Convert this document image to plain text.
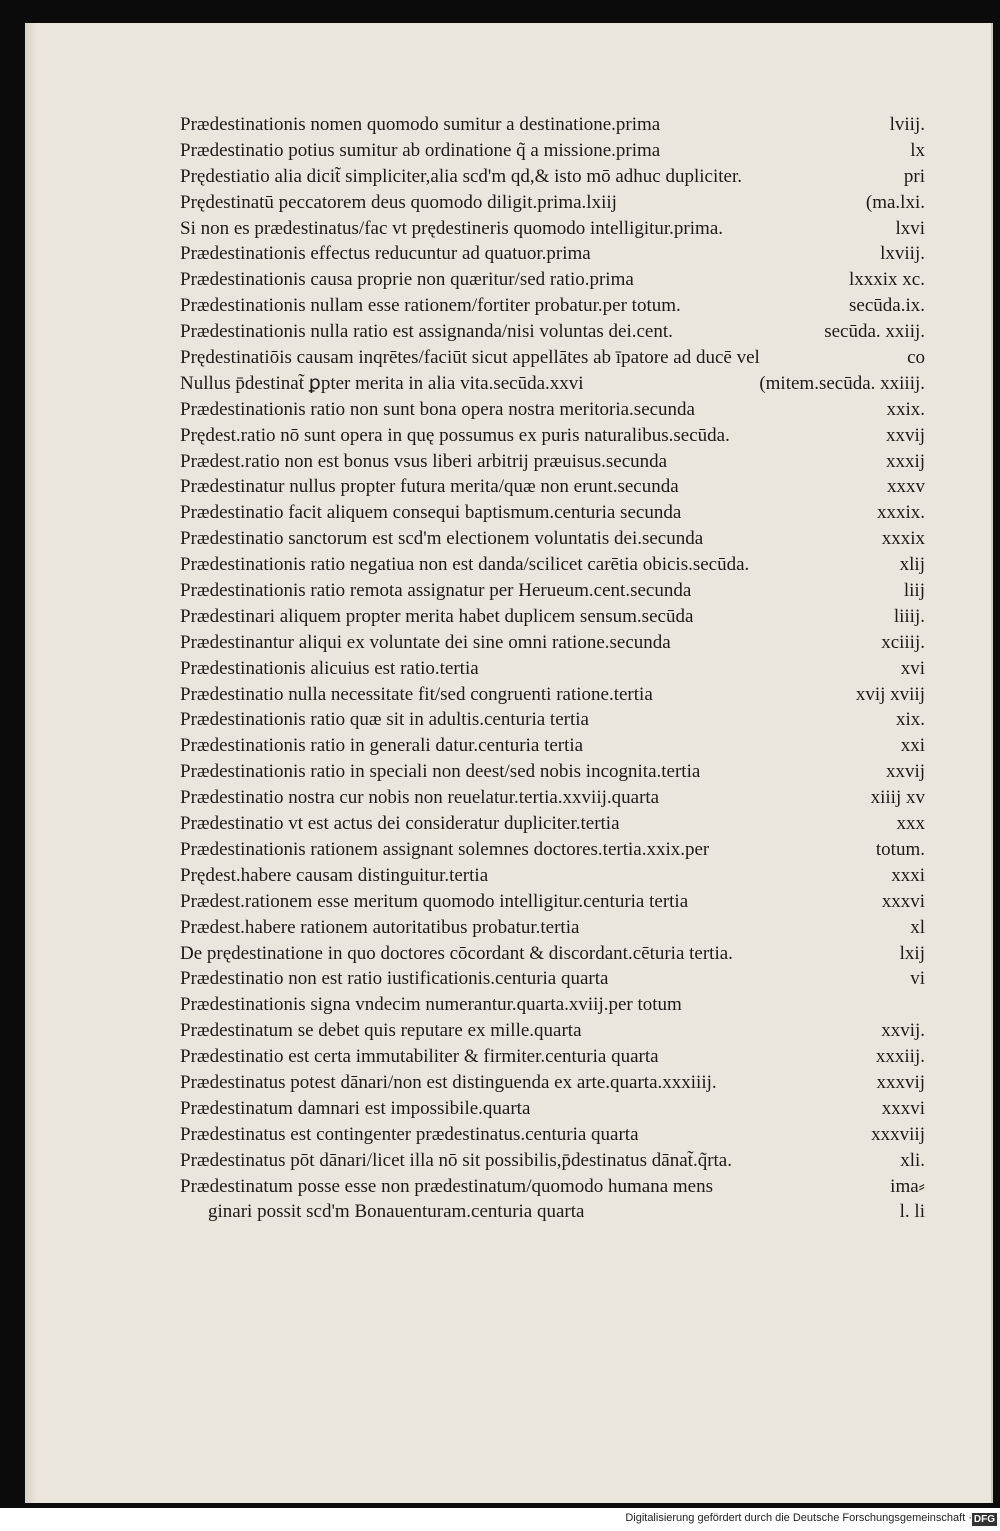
Prædestinationis nomen quomodo sumitur a destinatione.prima	lviij.
Prædestinatio potius sumitur ab ordinatione q̃ a missione.prima	lx
Prędestiatio alia dicit̃ simpliciter,alia scd'm qd,& isto mō adhuc dupliciter.	pri
Prędestinatū peccatorem deus quomodo diligit.prima.lxiij	(ma.lxi.
Si non es prædestinatus/fac vt prędestineris quomodo intelligitur.prima.	lxvi
Prædestinationis effectus reducuntur ad quatuor.prima	lxviij.
Prædestinationis causa proprie non quæritur/sed ratio.prima	lxxxix xc.
Prædestinationis nullam esse rationem/fortiter probatur.per totum.	secūda.ix.
Prædestinationis nulla ratio est assignanda/nisi voluntas dei.cent.	secūda. xxiij.
Prędestinatiōis causam inqrētes/faciūt sicut appellātes ab īpatore ad ducē vel	co
Nullus p̄destinat̃ ꝑpter merita in alia vita.secūda.xxvi	(mitem.secūda. xxiiij.
Prædestinationis ratio non sunt bona opera nostra meritoria.secunda	xxix.
Prędest.ratio nō sunt opera in quę possumus ex puris naturalibus.secūda.	xxvij
Prædest.ratio non est bonus vsus liberi arbitrij præuisus.secunda	xxxij
Prædestinatur nullus propter futura merita/quæ non erunt.secunda	xxxv
Prædestinatio facit aliquem consequi baptismum.centuria secunda	xxxix.
Prædestinatio sanctorum est scd'm electionem voluntatis dei.secunda	xxxix
Prædestinationis ratio negatiua non est danda/scilicet carētia obicis.secūda.	xlij
Prædestinationis ratio remota assignatur per Herueum.cent.secunda	liij
Prædestinari aliquem propter merita habet duplicem sensum.secūda	liiij.
Prædestinantur aliqui ex voluntate dei sine omni ratione.secunda	xciiij.
Prædestinationis alicuius est ratio.tertia	xvi
Prædestinatio nulla necessitate fit/sed congruenti ratione.tertia	xvij xviij
Prædestinationis ratio quæ sit in adultis.centuria tertia	xix.
Prædestinationis ratio in generali datur.centuria tertia	xxi
Prædestinationis ratio in speciali non deest/sed nobis incognita.tertia	xxvij
Prædestinatio nostra cur nobis non reuelatur.tertia.xxviij.quarta	xiiij xv
Prædestinatio vt est actus dei consideratur dupliciter.tertia	xxx
Prædestinationis rationem assignant solemnes doctores.tertia.xxix.per	totum.
Prędest.habere causam distinguitur.tertia	xxxi
Prædest.rationem esse meritum quomodo intelligitur.centuria tertia	xxxvi
Prædest.habere rationem autoritatibus probatur.tertia	xl
De prędestinatione in quo doctores cōcordant & discordant.cēturia tertia.	lxij
Prædestinatio non est ratio iustificationis.centuria quarta	vi
Prædestinationis signa vndecim numerantur.quarta.xviij.per totum
Prædestinatum se debet quis reputare ex mille.quarta	xxvij.
Prædestinatio est certa immutabiliter & firmiter.centuria quarta	xxxiij.
Prædestinatus potest dānari/non est distinguenda ex arte.quarta.xxxiiij.	xxxvij
Prædestinatum damnari est impossibile.quarta	xxxvi
Prædestinatus est contingenter prædestinatus.centuria quarta	xxxviij
Prædestinatus pōt dānari/licet illa nō sit possibilis,p̄destinatus dānat̃.q̃rta.	xli.
Prædestinatum posse esse non prædestinatum/quomodo humana mens	ima⸗
ginari possit scd'm Bonauenturam.centuria quarta	l. li
Digitalisierung gefördert durch die Deutsche Forschungsgemeinschaft · DFG
